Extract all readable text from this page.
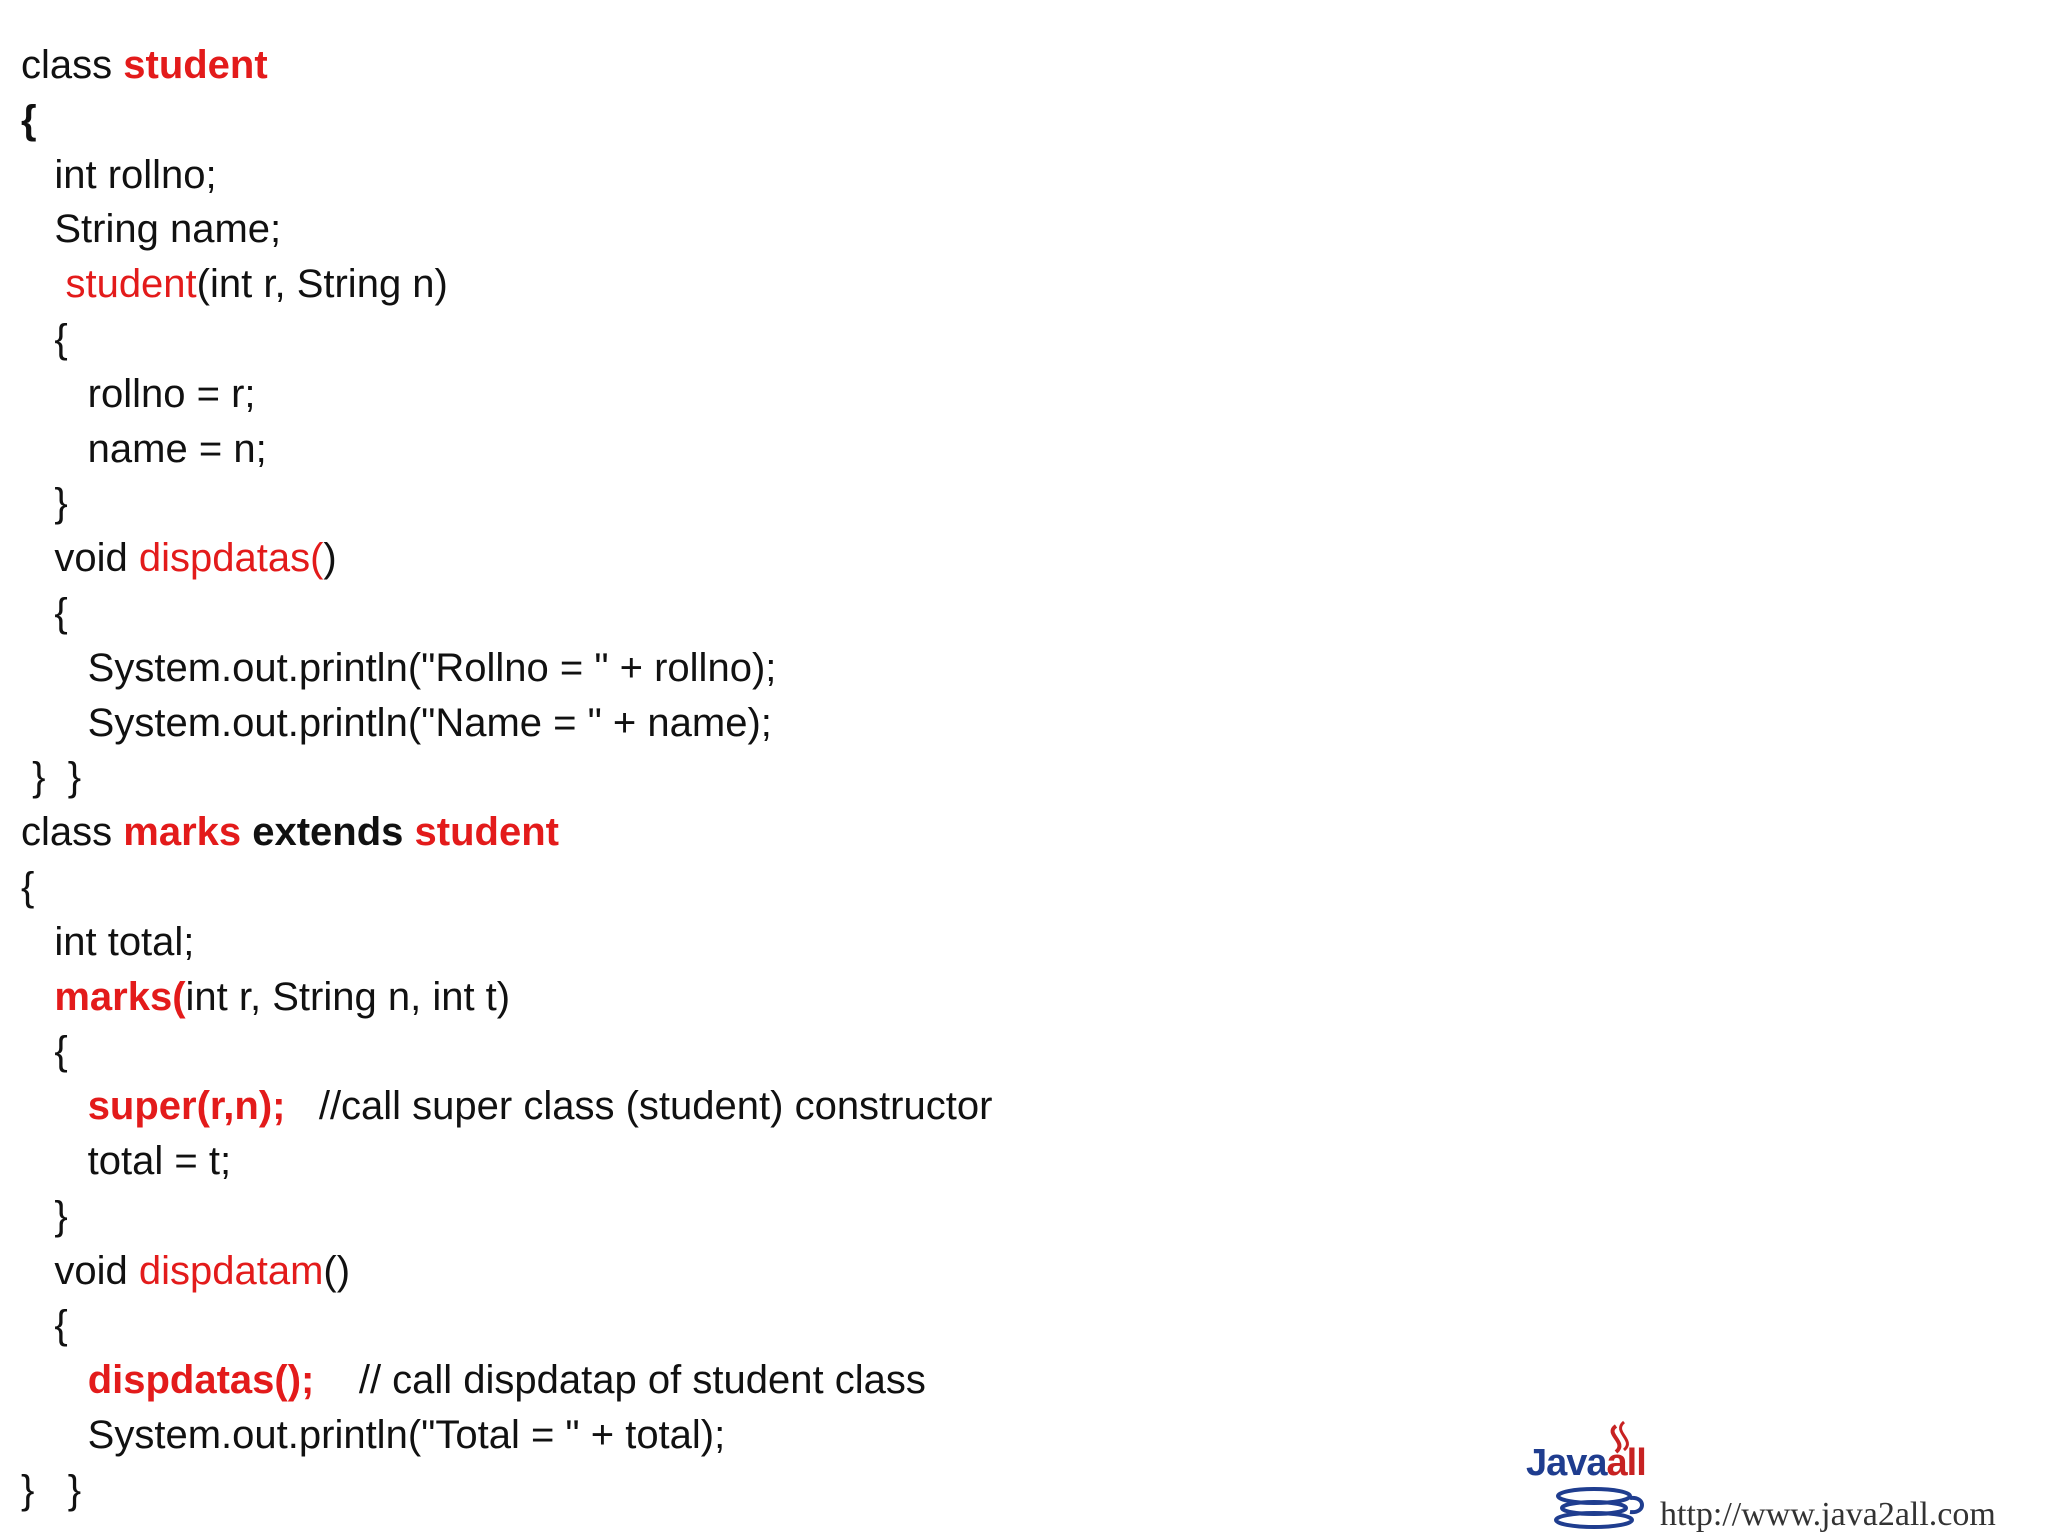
class student
{
int rollno;
String name;
student(int r, String n)
{
rollno = r;
name = n;
}
void dispdatas()
{
System.out.println("Rollno = " + rollno);
System.out.println("Name = " + name);
}  }
class marks extends student
{
int total;
marks(int r, String n, int t)
{
super(r,n);   //call super class (student) constructor
total = t;
}
void dispdatam()
{
dispdatas();    // call dispdatap of student class
System.out.println("Total = " + total);
}   }
Javaall
http://www.java2all.com
